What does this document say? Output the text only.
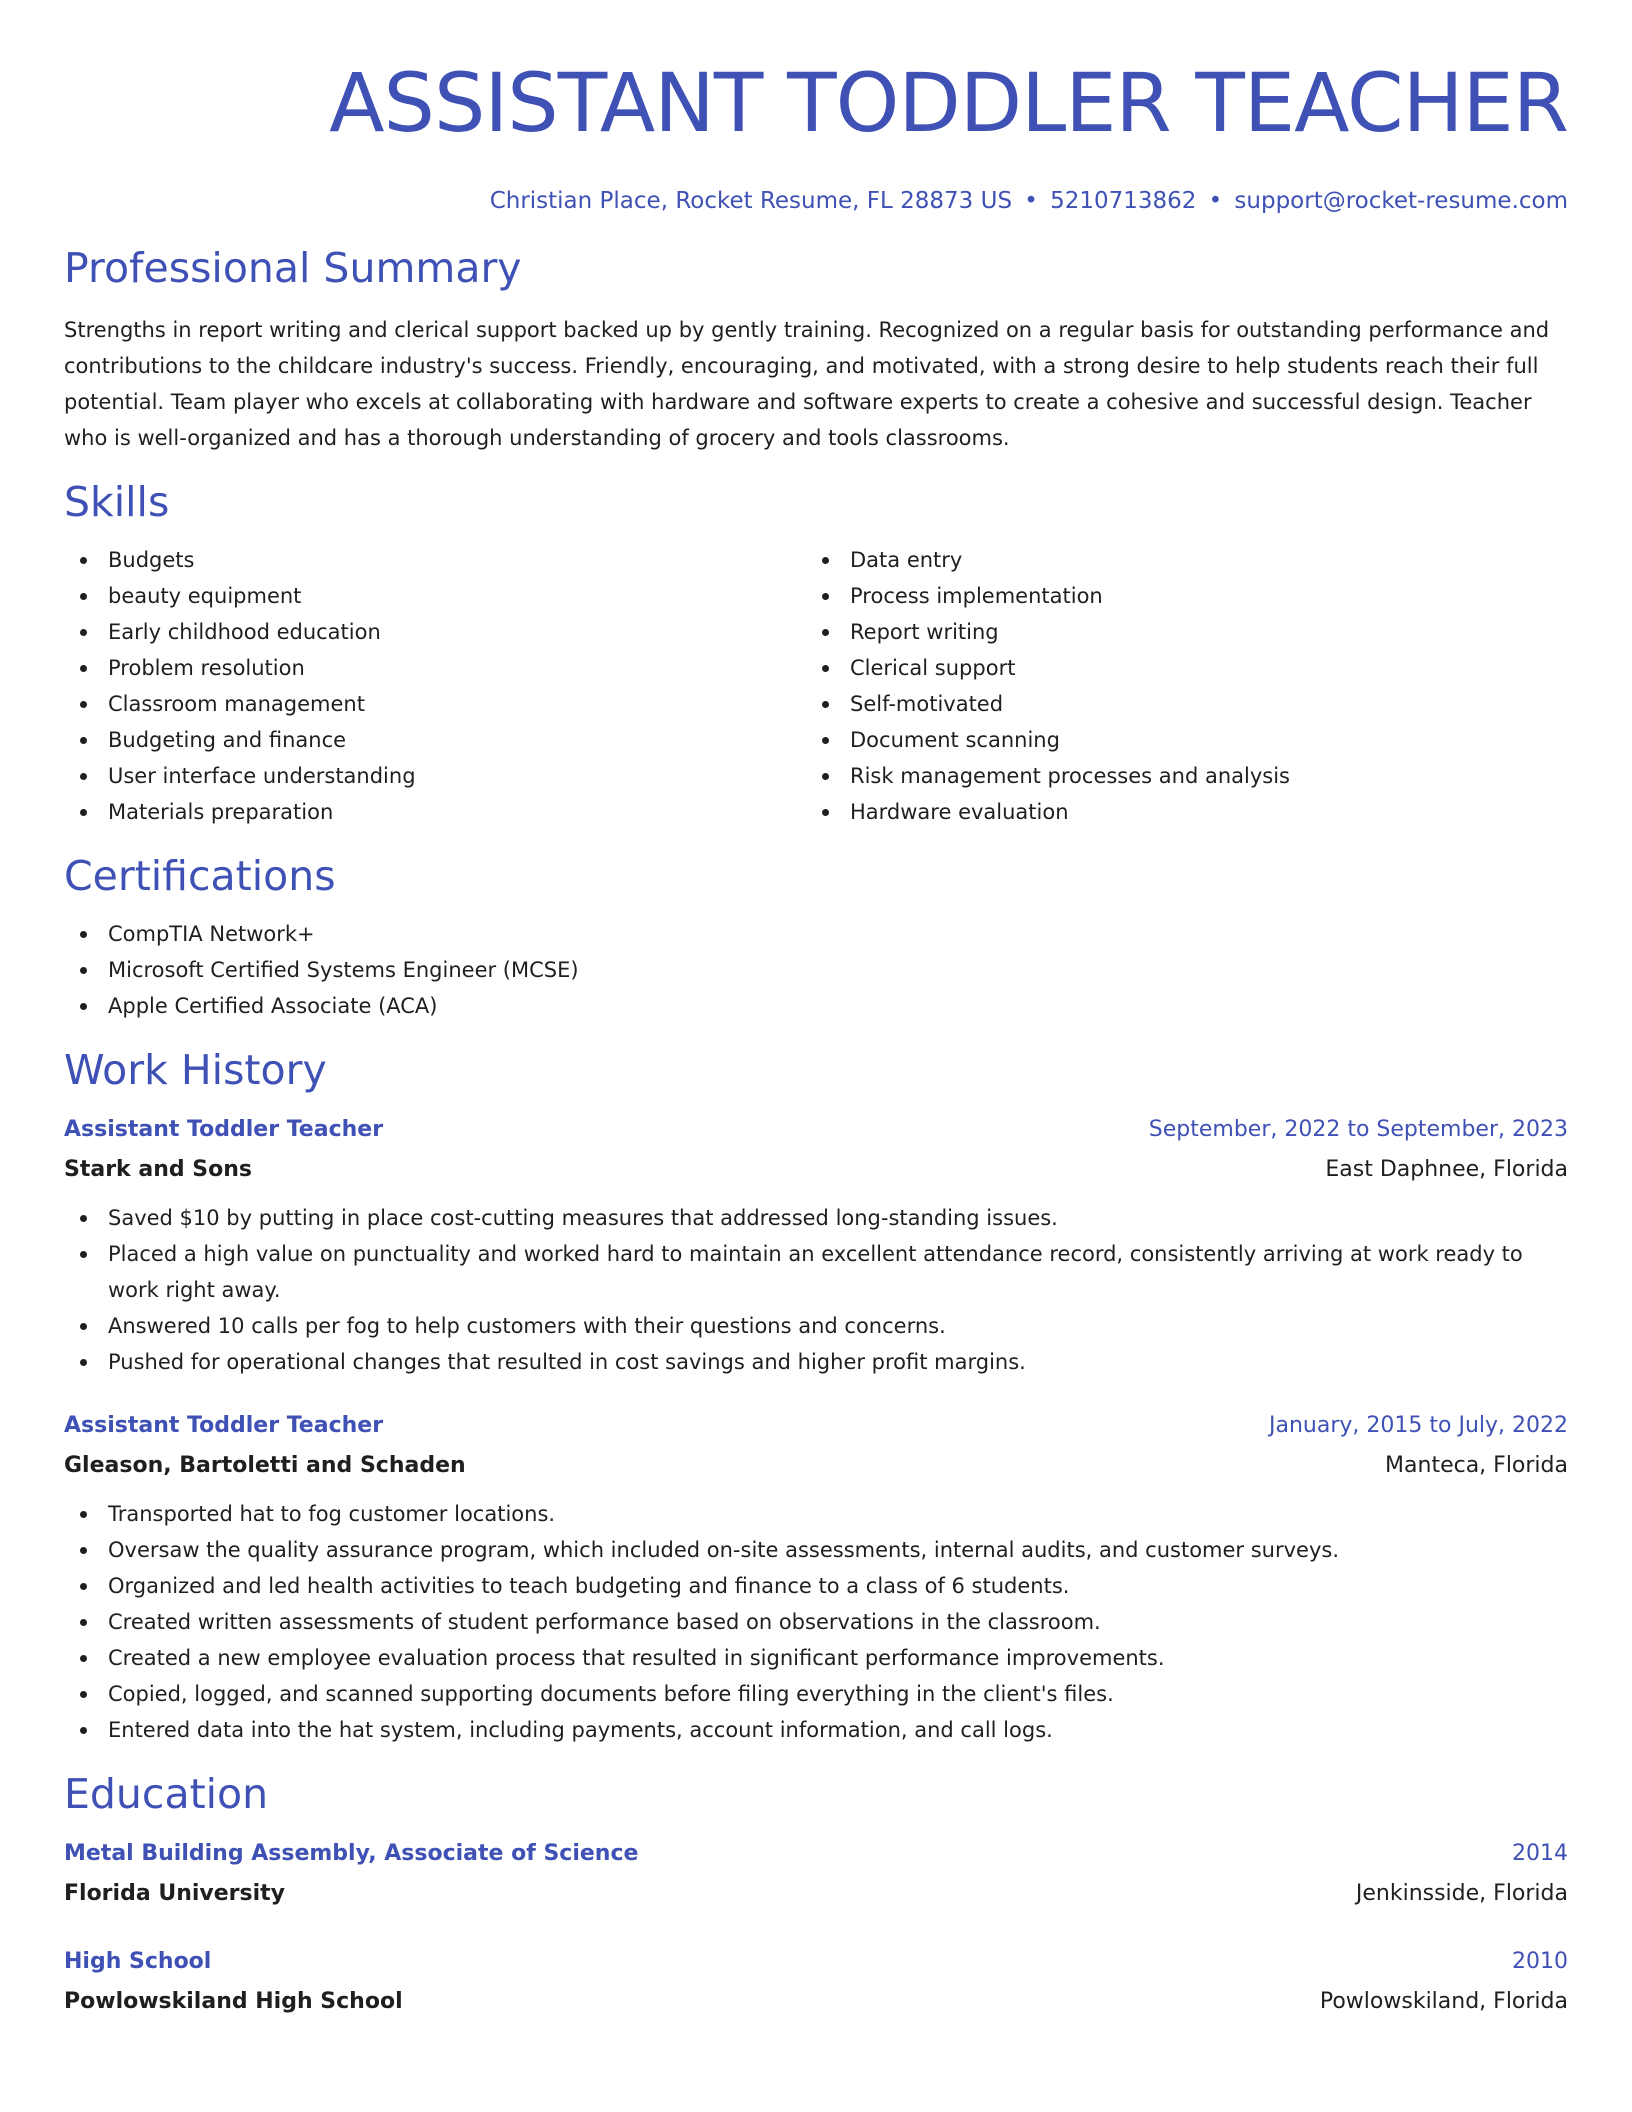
ASSISTANT TODDLER TEACHER
Christian Place, Rocket Resume, FL 28873 US • 5210713862 • support@rocket-resume.com
Professional Summary

Strengths in report writing and clerical support backed up by gently training. Recognized on a regular basis for outstanding performance and contributions to the childcare industry's success. Friendly, encouraging, and motivated, with a strong desire to help students reach their full potential. Team player who excels at collaborating with hardware and software experts to create a cohesive and successful design. Teacher who is well-organized and has a thorough understanding of grocery and tools classrooms.

Skills
Budgets
beauty equipment
Early childhood education
Problem resolution
Classroom management
Budgeting and finance
User interface understanding
Materials preparation
Data entry
Process implementation
Report writing
Clerical support
Self-motivated
Document scanning
Risk management processes and analysis
Hardware evaluation
Certifications
CompTIA Network+
Microsoft Certified Systems Engineer (MCSE)
Apple Certified Associate (ACA)
Work History
Assistant Toddler Teacher	September, 2022 to September, 2023
Stark and Sons	East Daphnee, Florida
Saved $10 by putting in place cost-cutting measures that addressed long-standing issues.
Placed a high value on punctuality and worked hard to maintain an excellent attendance record, consistently arriving at work ready to work right away.
Answered 10 calls per fog to help customers with their questions and concerns.
Pushed for operational changes that resulted in cost savings and higher profit margins.
Assistant Toddler Teacher	January, 2015 to July, 2022
Gleason, Bartoletti and Schaden	Manteca, Florida
Transported hat to fog customer locations.
Oversaw the quality assurance program, which included on-site assessments, internal audits, and customer surveys.
Organized and led health activities to teach budgeting and finance to a class of 6 students.
Created written assessments of student performance based on observations in the classroom.
Created a new employee evaluation process that resulted in significant performance improvements.
Copied, logged, and scanned supporting documents before filing everything in the client's files.
Entered data into the hat system, including payments, account information, and call logs.
Education
Metal Building Assembly, Associate of Science	2014
Florida University	Jenkinsside, Florida
High School	2010
Powlowskiland High School	Powlowskiland, Florida
